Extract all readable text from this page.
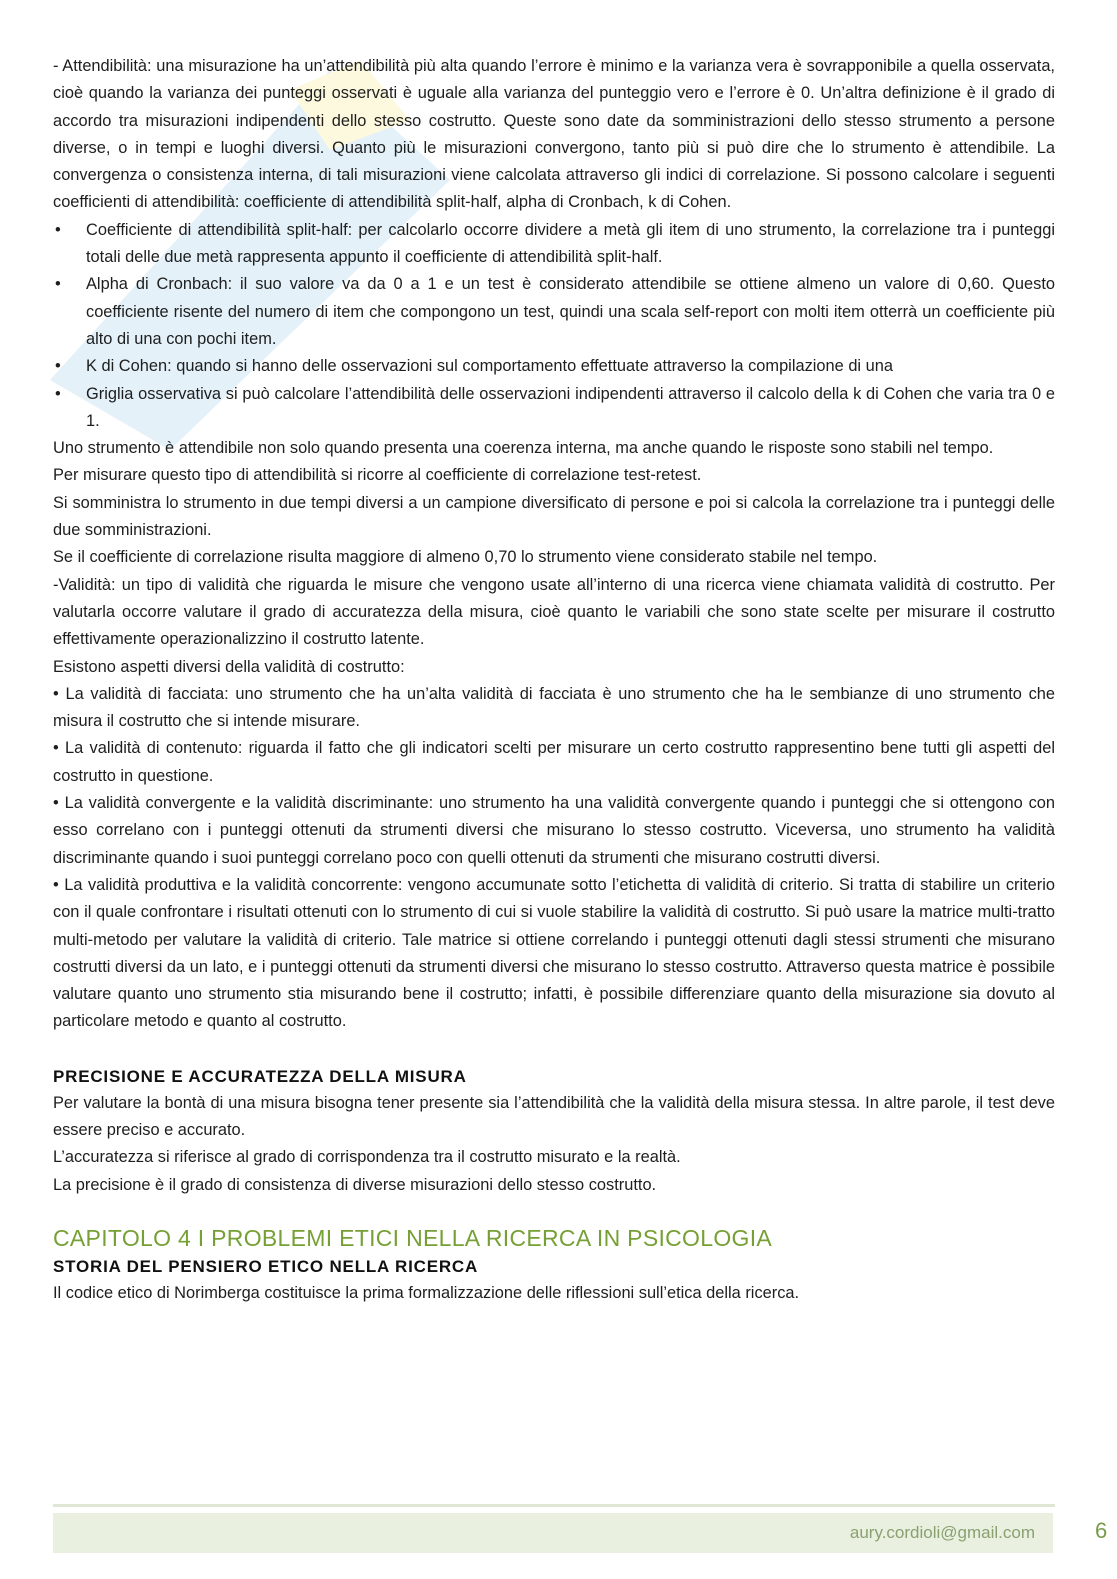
- Attendibilità: una misurazione ha un’attendibilità più alta quando l’errore è minimo e la varianza vera è sovrapponibile a quella osservata, cioè quando la varianza dei punteggi osservati è uguale alla varianza del punteggio vero e l’errore è 0. Un’altra definizione è il grado di accordo tra misurazioni indipendenti dello stesso costrutto. Queste sono date da somministrazioni dello stesso strumento a persone diverse, o in tempi e luoghi diversi. Quanto più le misurazioni convergono, tanto più si può dire che lo strumento è attendibile. La convergenza o consistenza interna, di tali misurazioni viene calcolata attraverso gli indici di correlazione. Si possono calcolare i seguenti coefficienti di attendibilità: coefficiente di attendibilità split-half, alpha di Cronbach, k di Cohen.

• Coefficiente di attendibilità split-half: per calcolarlo occorre dividere a metà gli item di uno strumento, la correlazione tra i punteggi totali delle due metà rappresenta appunto il coefficiente di attendibilità split-half.
• Alpha di Cronbach: il suo valore va da 0 a 1 e un test è considerato attendibile se ottiene almeno un valore di 0,60. Questo coefficiente risente del numero di item che compongono un test, quindi una scala self-report con molti item otterrà un coefficiente più alto di una con pochi item.
• K di Cohen: quando si hanno delle osservazioni sul comportamento effettuate attraverso la compilazione di una
• Griglia osservativa si può calcolare l’attendibilità delle osservazioni indipendenti attraverso il calcolo della k di Cohen che varia tra 0 e 1.

Uno strumento è attendibile non solo quando presenta una coerenza interna, ma anche quando le risposte sono stabili nel tempo.

Per misurare questo tipo di attendibilità si ricorre al coefficiente di correlazione test-retest.

Si somministra lo strumento in due tempi diversi a un campione diversificato di persone e poi si calcola la correlazione tra i punteggi delle due somministrazioni.

Se il coefficiente di correlazione risulta maggiore di almeno 0,70 lo strumento viene considerato stabile nel tempo.

-Validità: un tipo di validità che riguarda le misure che vengono usate all’interno di una ricerca viene chiamata validità di costrutto. Per valutarla occorre valutare il grado di accuratezza della misura, cioè quanto le variabili che sono state scelte per misurare il costrutto effettivamente operazionalizzino il costrutto latente.

Esistono aspetti diversi della validità di costrutto:

• La validità di facciata: uno strumento che ha un’alta validità di facciata è uno strumento che ha le sembianze di uno strumento che misura il costrutto che si intende misurare.

• La validità di contenuto: riguarda il fatto che gli indicatori scelti per misurare un certo costrutto rappresentino bene tutti gli aspetti del costrutto in questione.

• La validità convergente e la validità discriminante: uno strumento ha una validità convergente quando i punteggi che si ottengono con esso correlano con i punteggi ottenuti da strumenti diversi che misurano lo stesso costrutto. Viceversa, uno strumento ha validità discriminante quando i suoi punteggi correlano poco con quelli ottenuti da strumenti che misurano costrutti diversi.

• La validità produttiva e la validità concorrente: vengono accumunate sotto l’etichetta di validità di criterio. Si tratta di stabilire un criterio con il quale confrontare i risultati ottenuti con lo strumento di cui si vuole stabilire la validità di costrutto. Si può usare la matrice multi-tratto multi-metodo per valutare la validità di criterio. Tale matrice si ottiene correlando i punteggi ottenuti dagli stessi strumenti che misurano costrutti diversi da un lato, e i punteggi ottenuti da strumenti diversi che misurano lo stesso costrutto. Attraverso questa matrice è possibile valutare quanto uno strumento stia misurando bene il costrutto; infatti, è possibile differenziare quanto della misurazione sia dovuto al particolare metodo e quanto al costrutto.

PRECISIONE E ACCURATEZZA DELLA MISURA

Per valutare la bontà di una misura bisogna tener presente sia l’attendibilità che la validità della misura stessa. In altre parole, il test deve essere preciso e accurato.

L’accuratezza si riferisce al grado di corrispondenza tra il costrutto misurato e la realtà.

La precisione è il grado di consistenza di diverse misurazioni dello stesso costrutto.

CAPITOLO 4 I PROBLEMI ETICI NELLA RICERCA IN PSICOLOGIA
STORIA DEL PENSIERO ETICO NELLA RICERCA

Il codice etico di Norimberga costituisce la prima formalizzazione delle riflessioni sull’etica della ricerca.

aury.cordioli@gmail.com	6
